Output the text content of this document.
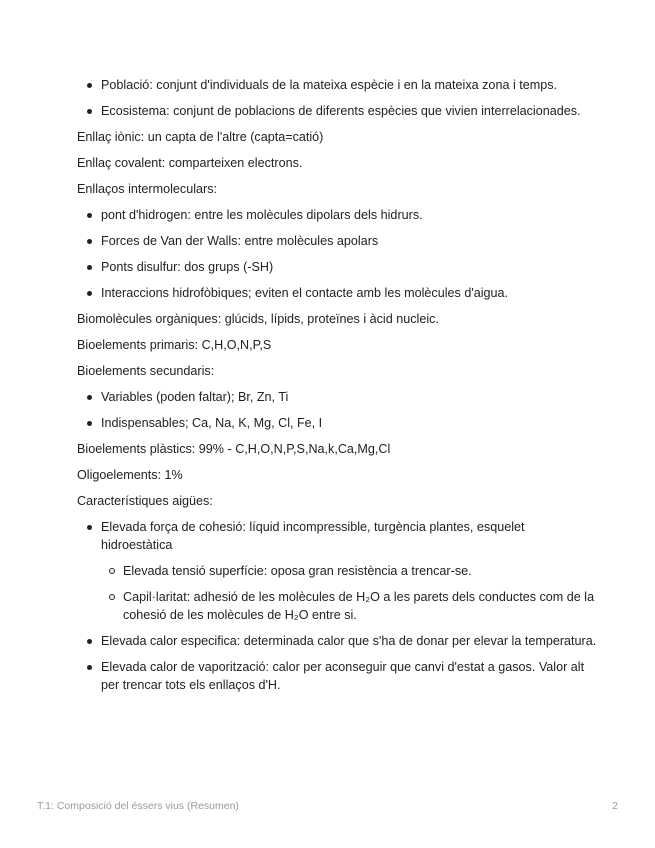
Població: conjunt d'individuals de la mateixa espècie i en la mateixa zona i temps.
Ecosistema: conjunt de poblacions de diferents espècies que vivien interrelacionades.

Enllaç iònic: un capta de l'altre (capta=catió)

Enllaç covalent: comparteixen electrons.

Enllaços intermoleculars:

pont d'hidrogen: entre les molècules dipolars dels hidrurs.
Forces de Van der Walls: entre molècules apolars
Ponts disulfur: dos grups (-SH)
Interaccions hidrofòbiques; eviten el contacte amb les molècules d'aigua.

Biomolècules orgàniques: glúcids, lípids, proteïnes i àcid nucleic.

Bioelements primaris: C,H,O,N,P,S

Bioelements secundaris:

Variables (poden faltar); Br, Zn, Ti
Indispensables; Ca, Na, K, Mg, Cl, Fe, I

Bioelements plàstics: 99% - C,H,O,N,P,S,Na,k,Ca,Mg,Cl

Oligoelements: 1%

Característiques aigües:

Elevada força de cohesió: líquid incompressible, turgència plantes, esquelet hidroestàtica
Elevada tensió superfície: oposa gran resistència a trencar-se.
Capil·laritat: adhesió de les molècules de H₂O a les parets dels conductes com de la cohesió de les molècules de H₂O entre si.
Elevada calor especifica: determinada calor que s'ha de donar per elevar la temperatura.
Elevada calor de vaporització: calor per aconseguir que canvi d'estat a gasos. Valor alt per trencar tots els enllaços d'H.
T.1: Composició del éssers vius (Resumen)	2
